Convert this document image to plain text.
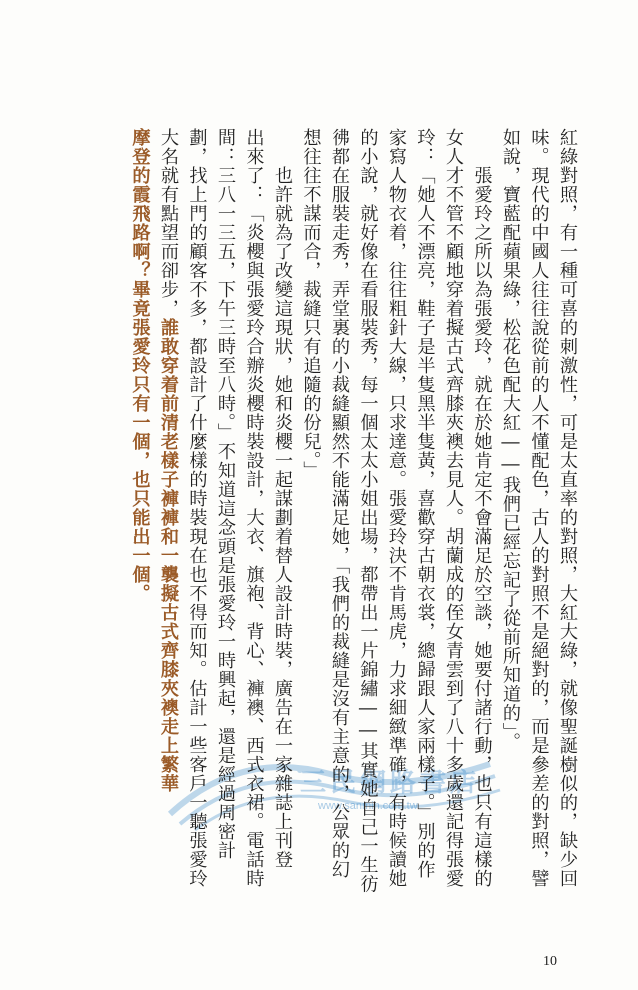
三民網路書店
www.sanmin.com.tw	紅綠對照，有一種可喜的刺激性，可是太直率的對照，大紅大綠，就像聖誕樹似的，缺少回
味。現代的中國人往往說從前的人不懂配色，古人的對照不是絕對的，而是參差的對照，譬
如說，寶藍配蘋果綠，松花色配大紅――我們已經忘記了從前所知道的」。
　　張愛玲之所以為張愛玲，就在於她肯定不會滿足於空談，她要付諸行動，也只有這樣的
女人才不管不顧地穿着擬古式齊膝夾襖去見人。胡蘭成的侄女青雲到了八十多歲還記得張愛
玲：「她人不漂亮，鞋子是半隻黑半隻黃，喜歡穿古朝衣裳，總歸跟人家兩樣子。」別的作
家寫人物衣着，往往粗針大線，只求達意。張愛玲決不肯馬虎，力求細緻準確，有時候讀她
的小說，就好像在看服裝秀，每一個太太小姐出場，都帶出一片錦繡――其實她自己一生彷
彿都在服裝走秀，弄堂裏的小裁縫顯然不能滿足她，「我們的裁縫是沒有主意的，公眾的幻
想往往不謀而合，裁縫只有追隨的份兒。」
　　也許就為了改變這現狀，她和炎櫻一起謀劃着替人設計時裝，廣告在一家雜誌上刊登
出來了：「炎櫻與張愛玲合辦炎櫻時裝設計，大衣、旗袍、背心、褲襖、西式衣裙。電話時
間：三八一三五，下午三時至八時。」不知道這念頭是張愛玲一時興起，還是經過周密計
劃，找上門的顧客不多，都設計了什麼樣的時裝現在也不得而知。估計一些客戶一聽張愛玲
大名就有點望而卻步，誰敢穿着前清老樣子褲褲和一襲擬古式齊膝夾襖走上繁華
摩登的霞飛路啊？畢竟張愛玲只有一個，也只能出一個。
10
